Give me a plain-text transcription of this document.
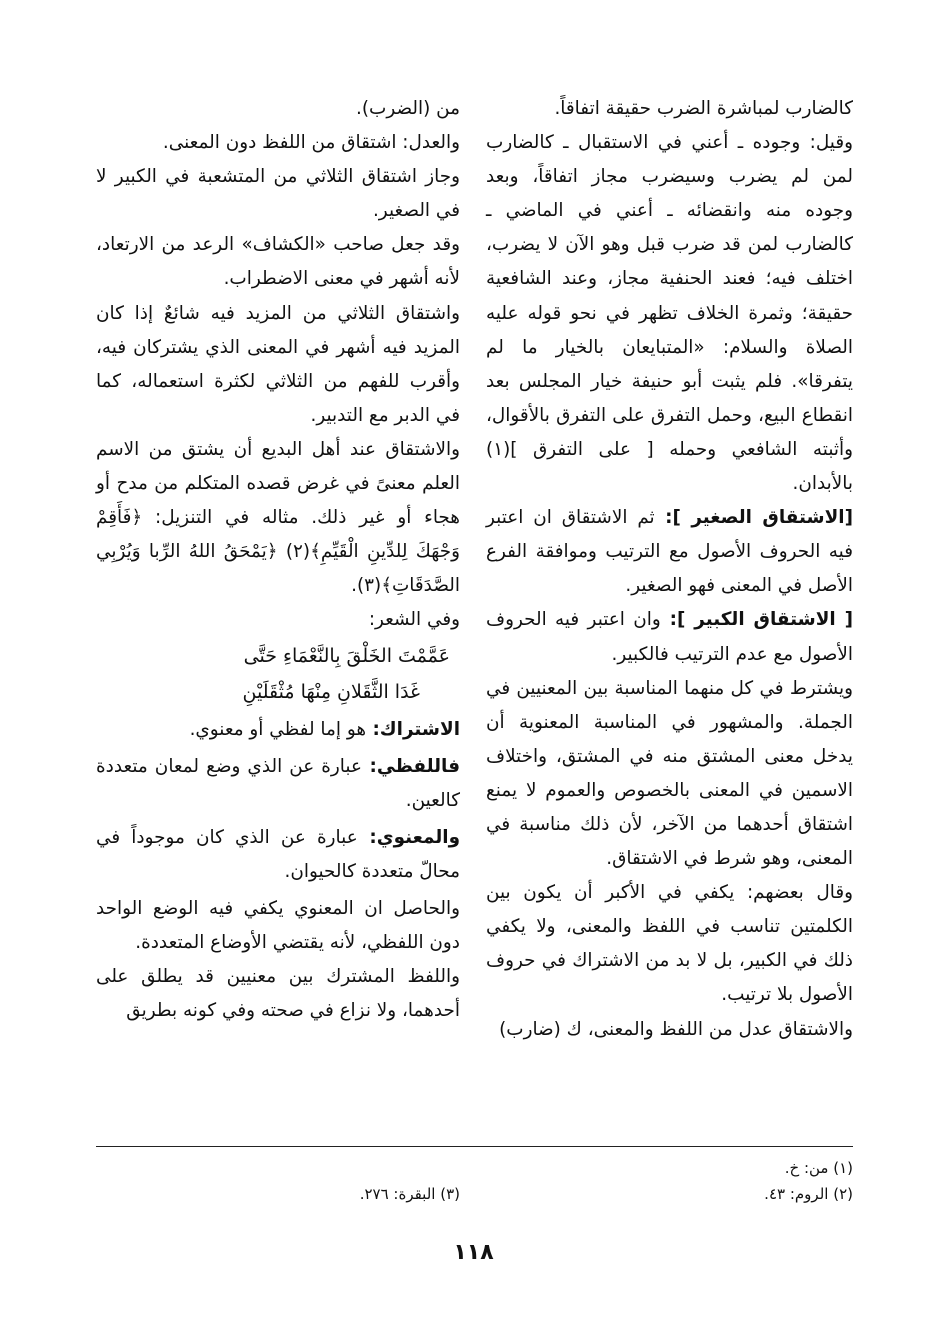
كالضارب لمباشرة الضرب حقيقة اتفاقاً.

وقيل: وجوده ـ أعني في الاستقبال ـ كالضارب لمن لم يضرب وسيضرب مجاز اتفاقاً، وبعد وجوده منه وانقضائه ـ أعني في الماضي ـ كالضارب لمن قد ضرب قبل وهو الآن لا يضرب، اختلف فيه؛ فعند الحنفية مجاز، وعند الشافعية حقيقة؛ وثمرة الخلاف تظهر في نحو قوله عليه الصلاة والسلام: «المتبايعان بالخيار ما لم يتفرقا». فلم يثبت أبو حنيفة خيار المجلس بعد انقطاع البيع، وحمل التفرق على التفرق بالأقوال، وأثبته الشافعي وحمله [ على التفرق ](١) بالأبدان.

[الاشتقاق الصغير ]: ثم الاشتقاق ان اعتبر فيه الحروف الأصول مع الترتيب وموافقة الفرع الأصل في المعنى فهو الصغير.

[ الاشتقاق الكبير ]: وان اعتبر فيه الحروف الأصول مع عدم الترتيب فالكبير.

ويشترط في كل منهما المناسبة بين المعنيين في الجملة. والمشهور في المناسبة المعنوية أن يدخل معنى المشتق منه في المشتق، واختلاف الاسمين في المعنى بالخصوص والعموم لا يمنع اشتقاق أحدهما من الآخر، لأن ذلك مناسبة في المعنى، وهو شرط في الاشتقاق.

وقال بعضهم: يكفي في الأكبر أن يكون بين الكلمتين تناسب في اللفظ والمعنى، ولا يكفي ذلك في الكبير، بل لا بد من الاشتراك في حروف الأصول بلا ترتيب.

والاشتقاق عدل من اللفظ والمعنى، ك (ضارب)

من (الضرب).

والعدل: اشتقاق من اللفظ دون المعنى.

وجاز اشتقاق الثلاثي من المتشعبة في الكبير لا في الصغير.

وقد جعل صاحب «الكشاف» الرعد من الارتعاد، لأنه أشهر في معنى الاضطراب.

واشتقاق الثلاثي من المزيد فيه شائعٌ إذا كان المزيد فيه أشهر في المعنى الذي يشتركان فيه، وأقرب للفهم من الثلاثي لكثرة استعماله، كما في الدبر مع التدبير.

والاشتقاق عند أهل البديع أن يشتق من الاسم العلم معنىً في غرض قصده المتكلم من مدح أو هجاء أو غير ذلك. مثاله في التنزيل: ﴿فَأَقِمْ وَجْهَكَ لِلدِّينِ الْقَيِّمِ﴾(٢) ﴿يَمْحَقُ اللهُ الرِّبا وَيُرْبِي الصَّدَقَاتِ﴾(٣).

وفي الشعر:

عَمَّمْتَ الخَلْقَ بِالنَّعْمَاءِ حَتَّى
غَدَا الثَّقَلانِ مِنْهَا مُثْقَلَيْنِ

الاشتراك: هو إما لفظي أو معنوي.

فاللفظي: عبارة عن الذي وضع لمعان متعددة كالعين.

والمعنوي: عبارة عن الذي كان موجوداً في محالّ متعددة كالحيوان.

والحاصل ان المعنوي يكفي فيه الوضع الواحد دون اللفظي، لأنه يقتضي الأوضاع المتعددة.

واللفظ المشترك بين معنيين قد يطلق على أحدهما، ولا نزاع في صحته وفي كونه بطريق

(١) من: خ.
(٢) الروم: ٤٣.
(٣) البقرة: ٢٧٦.
١١٨
